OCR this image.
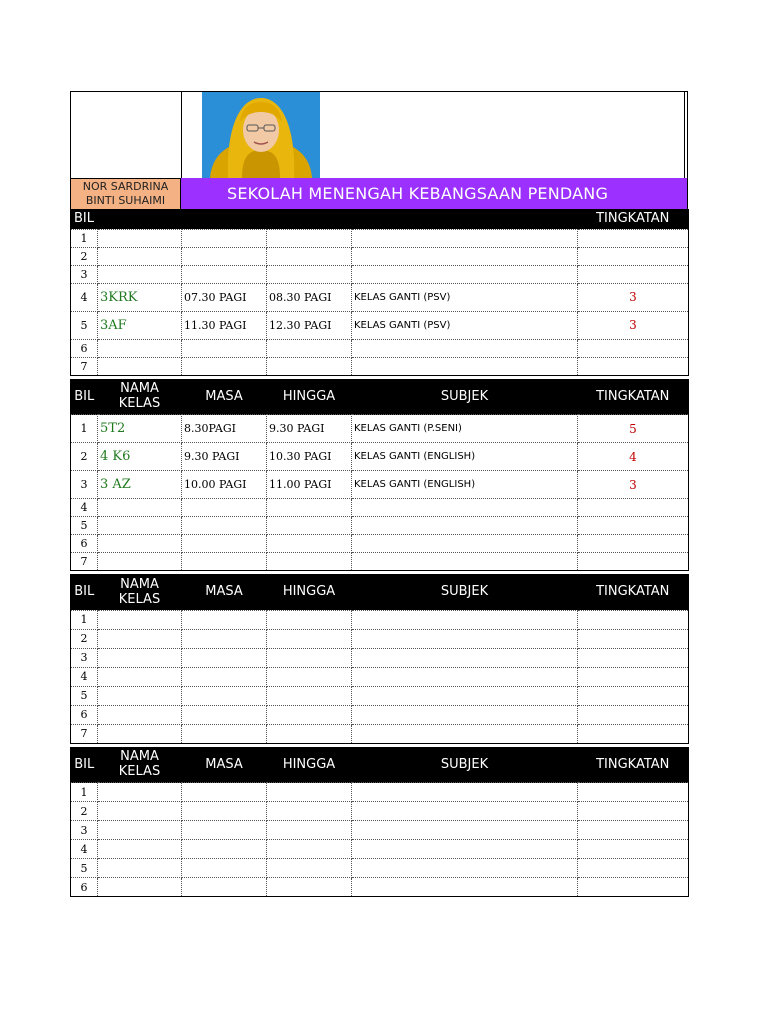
NOR SARDRINA BINTI SUHAIMI	SEKOLAH MENENGAH KEBANGSAAN PENDANG
BIL					TINGKATAN
1					
2					
3					
4	3KRK	07.30 PAGI	08.30 PAGI	KELAS GANTI (PSV)	3
5	3AF	11.30 PAGI	12.30 PAGI	KELAS GANTI (PSV)	3
6					
7					
BIL	NAMA KELAS	MASA	HINGGA	SUBJEK	TINGKATAN
1	5T2	8.30PAGI	9.30 PAGI	KELAS GANTI (P.SENI)	5
2	4 K6	9.30 PAGI	10.30 PAGI	KELAS GANTI (ENGLISH)	4
3	3 AZ	10.00 PAGI	11.00 PAGI	KELAS GANTI (ENGLISH)	3
4					
5					
6					
7					
BIL	NAMA KELAS	MASA	HINGGA	SUBJEK	TINGKATAN
1					
2					
3					
4					
5					
6					
7					
BIL	NAMA KELAS	MASA	HINGGA	SUBJEK	TINGKATAN
1					
2					
3					
4					
5					
6					
